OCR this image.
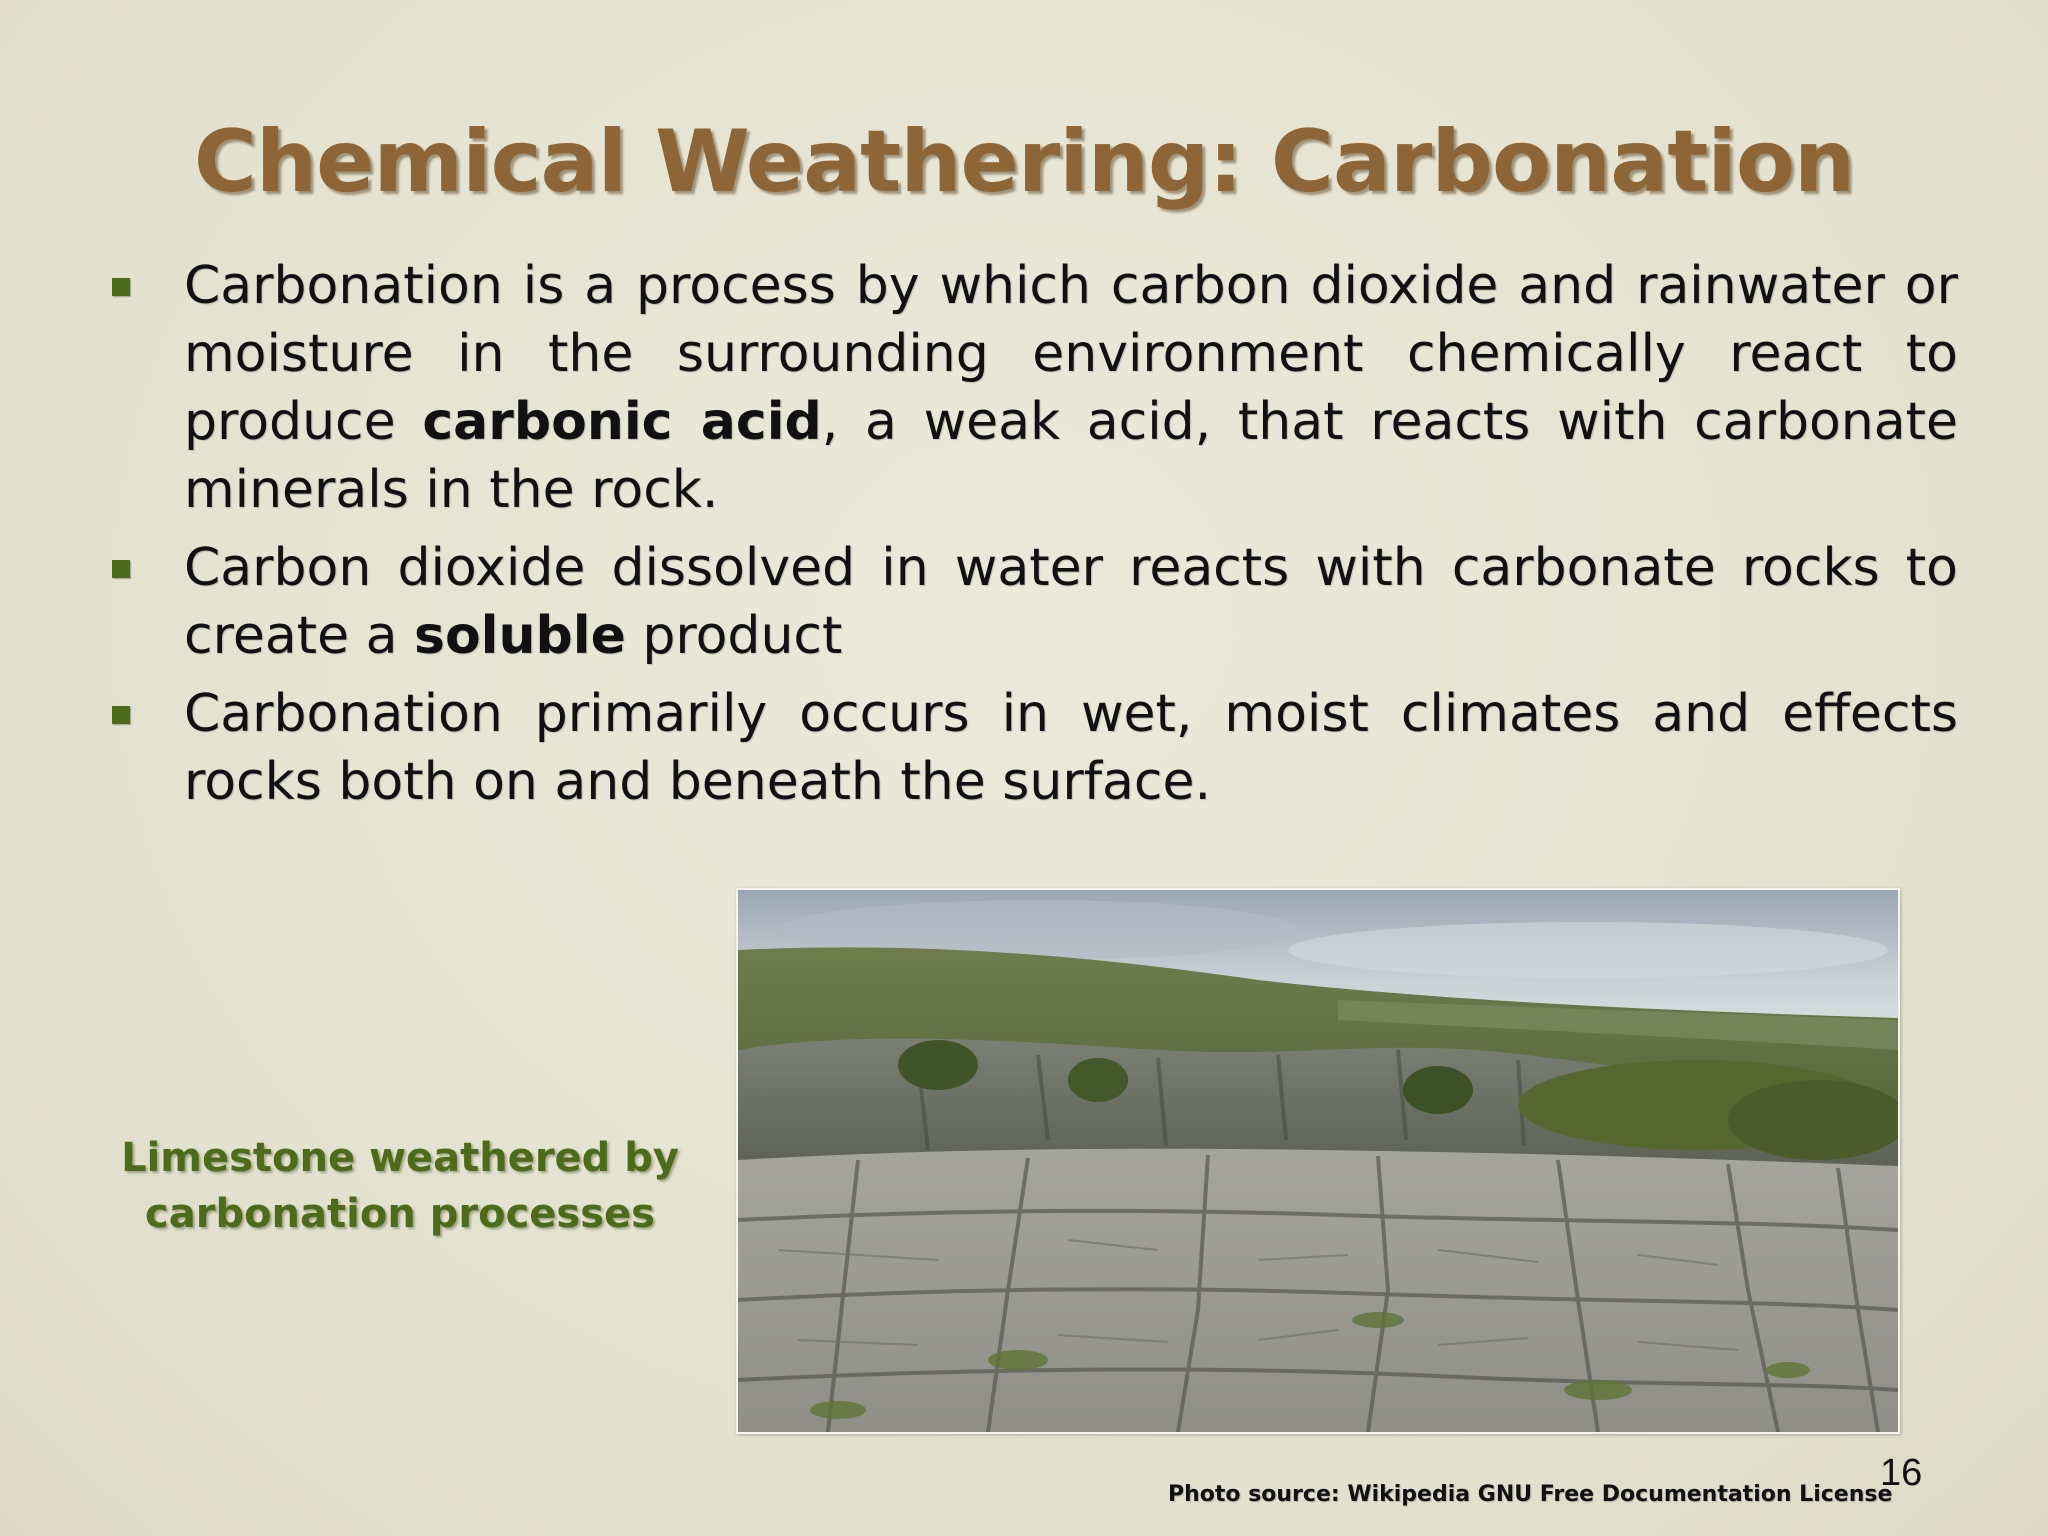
Chemical Weathering: Carbonation
Carbonation is a process by which carbon dioxide and rainwater or moisture in the surrounding environment chemically react to produce carbonic acid, a weak acid, that reacts with carbonate minerals in the rock.
Carbon dioxide dissolved in water reacts with carbonate rocks to create a soluble product
Carbonation primarily occurs in wet, moist climates and effects rocks both on and beneath the surface.
Limestone weathered by
carbonation processes
16
Photo source: Wikipedia GNU Free Documentation License
